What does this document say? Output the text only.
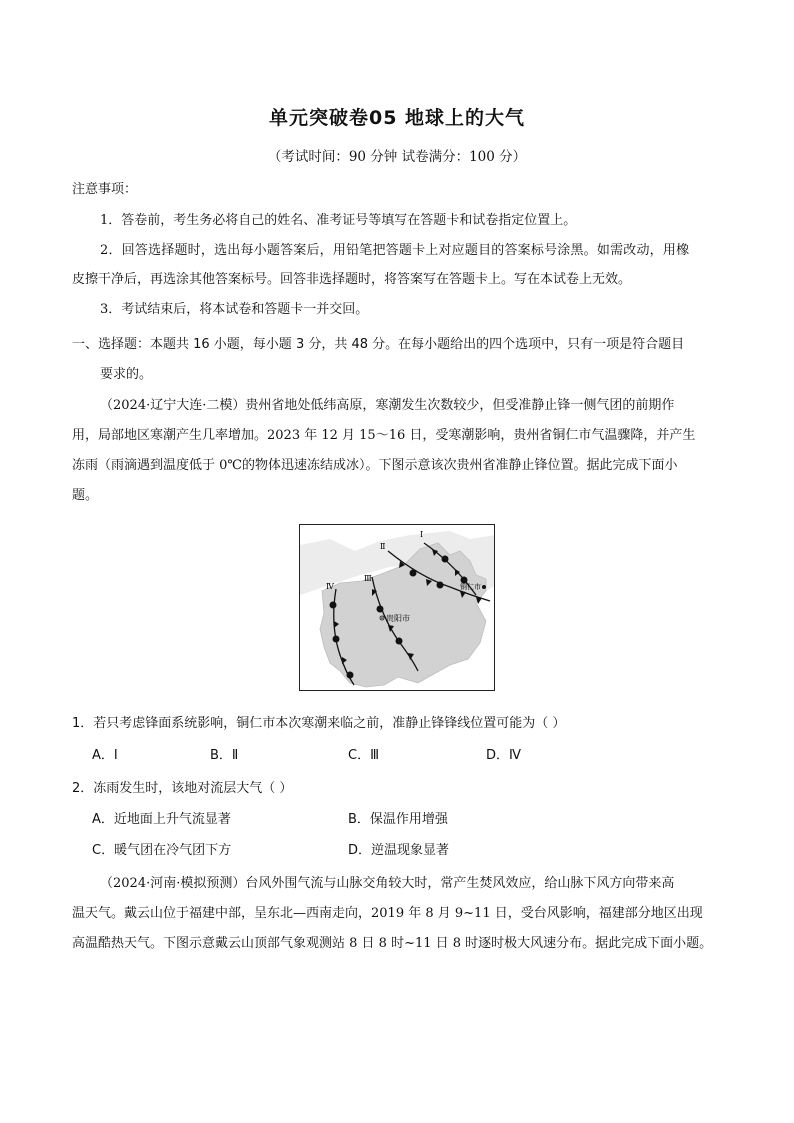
单元突破卷05 地球上的大气
（考试时间：90 分钟 试卷满分：100 分）
注意事项：
1．答卷前，考生务必将自己的姓名、准考证号等填写在答题卡和试卷指定位置上。
2．回答选择题时，选出每小题答案后，用铅笔把答题卡上对应题目的答案标号涂黑。如需改动，用橡
皮擦干净后，再选涂其他答案标号。回答非选择题时，将答案写在答题卡上。写在本试卷上无效。
3．考试结束后，将本试卷和答题卡一并交回。
一、选择题：本题共 16 小题，每小题 3 分，共 48 分。在每小题给出的四个选项中，只有一项是符合题目
要求的。
（2024·辽宁大连·二模）贵州省地处低纬高原，寒潮发生次数较少，但受准静止锋一侧气团的前期作
用，局部地区寒潮产生几率增加。2023 年 12 月 15～16 日，受寒潮影响，贵州省铜仁市气温骤降，并产生
冻雨（雨滴遇到温度低于 0℃的物体迅速冻结成冰）。下图示意该次贵州省准静止锋位置。据此完成下面小
题。
Ⅰ
Ⅱ
Ⅲ
Ⅳ
贵阳市
铜仁市
1．若只考虑锋面系统影响，铜仁市本次寒潮来临之前，准静止锋锋线位置可能为（ ）
A．Ⅰ	B．Ⅱ	C．Ⅲ	D．Ⅳ
2．冻雨发生时，该地对流层大气（ ）
A．近地面上升气流显著	B．保温作用增强
C．暖气团在冷气团下方	D．逆温现象显著
（2024·河南·模拟预测）台风外围气流与山脉交角较大时，常产生焚风效应，给山脉下风方向带来高
温天气。戴云山位于福建中部，呈东北—西南走向，2019 年 8 月 9~11 日，受台风影响，福建部分地区出现
高温酷热天气。下图示意戴云山顶部气象观测站 8 日 8 时~11 日 8 时逐时极大风速分布。据此完成下面小题。
